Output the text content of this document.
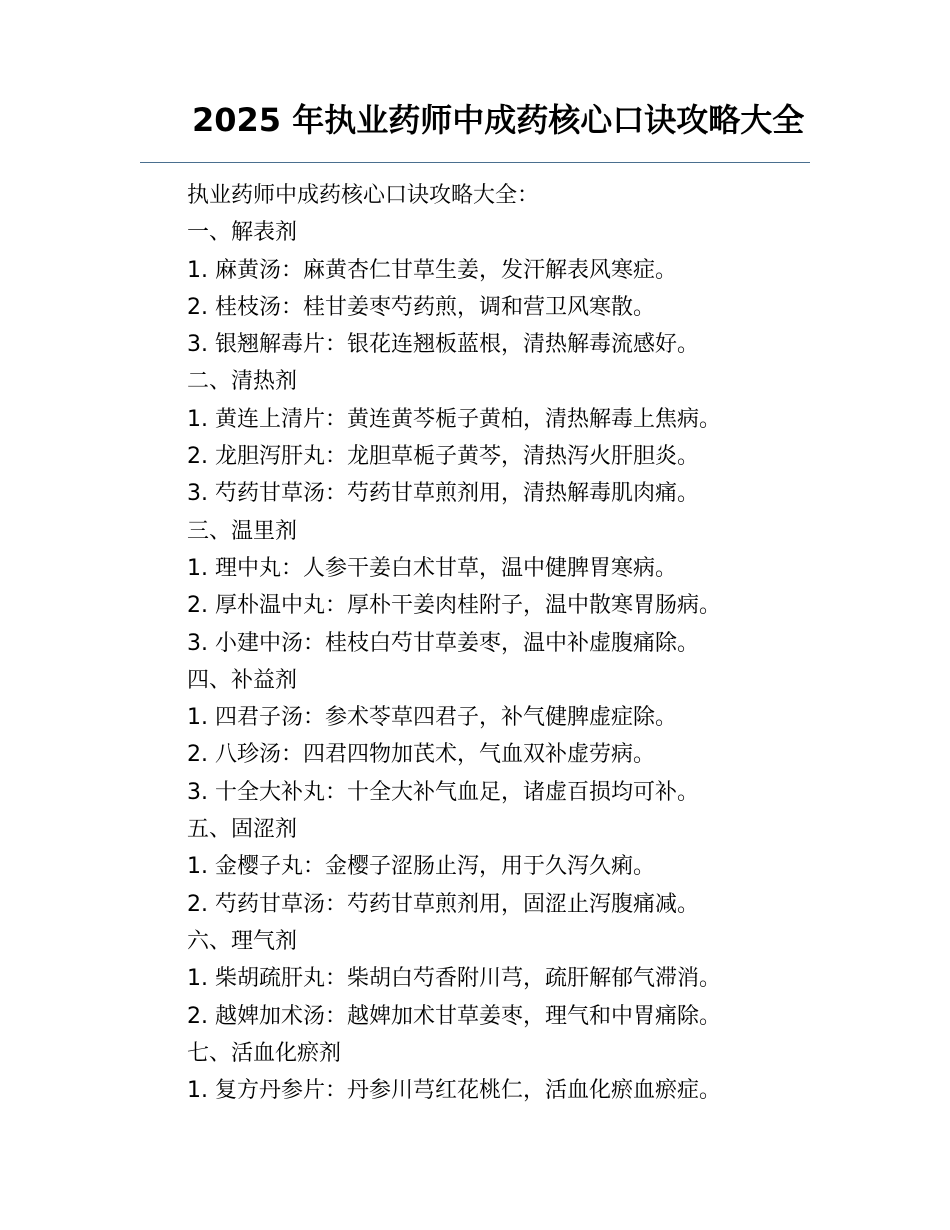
2025 年执业药师中成药核心口诀攻略大全
执业药师中成药核心口诀攻略大全：
一、解表剂
1. 麻黄汤：麻黄杏仁甘草生姜，发汗解表风寒症。
2. 桂枝汤：桂甘姜枣芍药煎，调和营卫风寒散。
3. 银翘解毒片：银花连翘板蓝根，清热解毒流感好。
二、清热剂
1. 黄连上清片：黄连黄芩栀子黄柏，清热解毒上焦病。
2. 龙胆泻肝丸：龙胆草栀子黄芩，清热泻火肝胆炎。
3. 芍药甘草汤：芍药甘草煎剂用，清热解毒肌肉痛。
三、温里剂
1. 理中丸：人参干姜白术甘草，温中健脾胃寒病。
2. 厚朴温中丸：厚朴干姜肉桂附子，温中散寒胃肠病。
3. 小建中汤：桂枝白芍甘草姜枣，温中补虚腹痛除。
四、补益剂
1. 四君子汤：参术苓草四君子，补气健脾虚症除。
2. 八珍汤：四君四物加芪术，气血双补虚劳病。
3. 十全大补丸：十全大补气血足，诸虚百损均可补。
五、固涩剂
1. 金樱子丸：金樱子涩肠止泻，用于久泻久痢。
2. 芍药甘草汤：芍药甘草煎剂用，固涩止泻腹痛减。
六、理气剂
1. 柴胡疏肝丸：柴胡白芍香附川芎，疏肝解郁气滞消。
2. 越婢加术汤：越婢加术甘草姜枣，理气和中胃痛除。
七、活血化瘀剂
1. 复方丹参片：丹参川芎红花桃仁，活血化瘀血瘀症。
